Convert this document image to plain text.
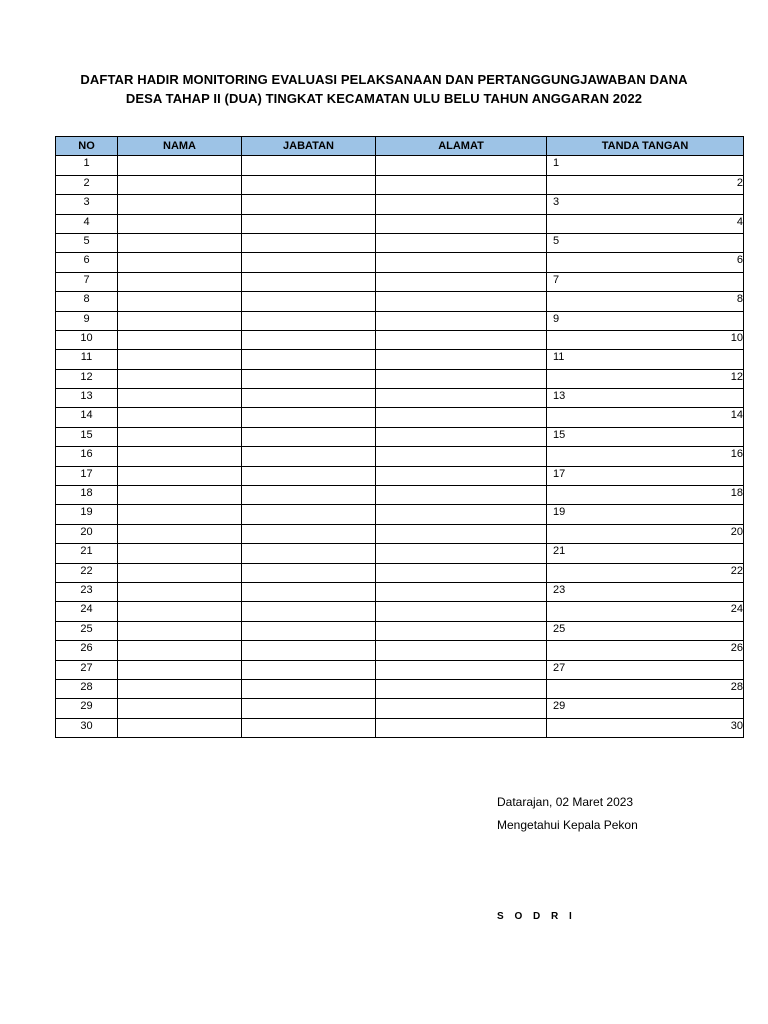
DAFTAR HADIR MONITORING EVALUASI PELAKSANAAN DAN PERTANGGUNGJAWABAN DANA
DESA TAHAP II (DUA) TINGKAT KECAMATAN ULU BELU TAHUN ANGGARAN 2022
NO	NAMA	JABATAN	ALAMAT	TANDA TANGAN
1				1
2				2
3				3
4				4
5				5
6				6
7				7
8				8
9				9
10				10
11				11
12				12
13				13
14				14
15				15
16				16
17				17
18				18
19				19
20				20
21				21
22				22
23				23
24				24
25				25
26				26
27				27
28				28
29				29
30				30
Datarajan, 02 Maret 2023
Mengetahui Kepala Pekon
S O D R I
